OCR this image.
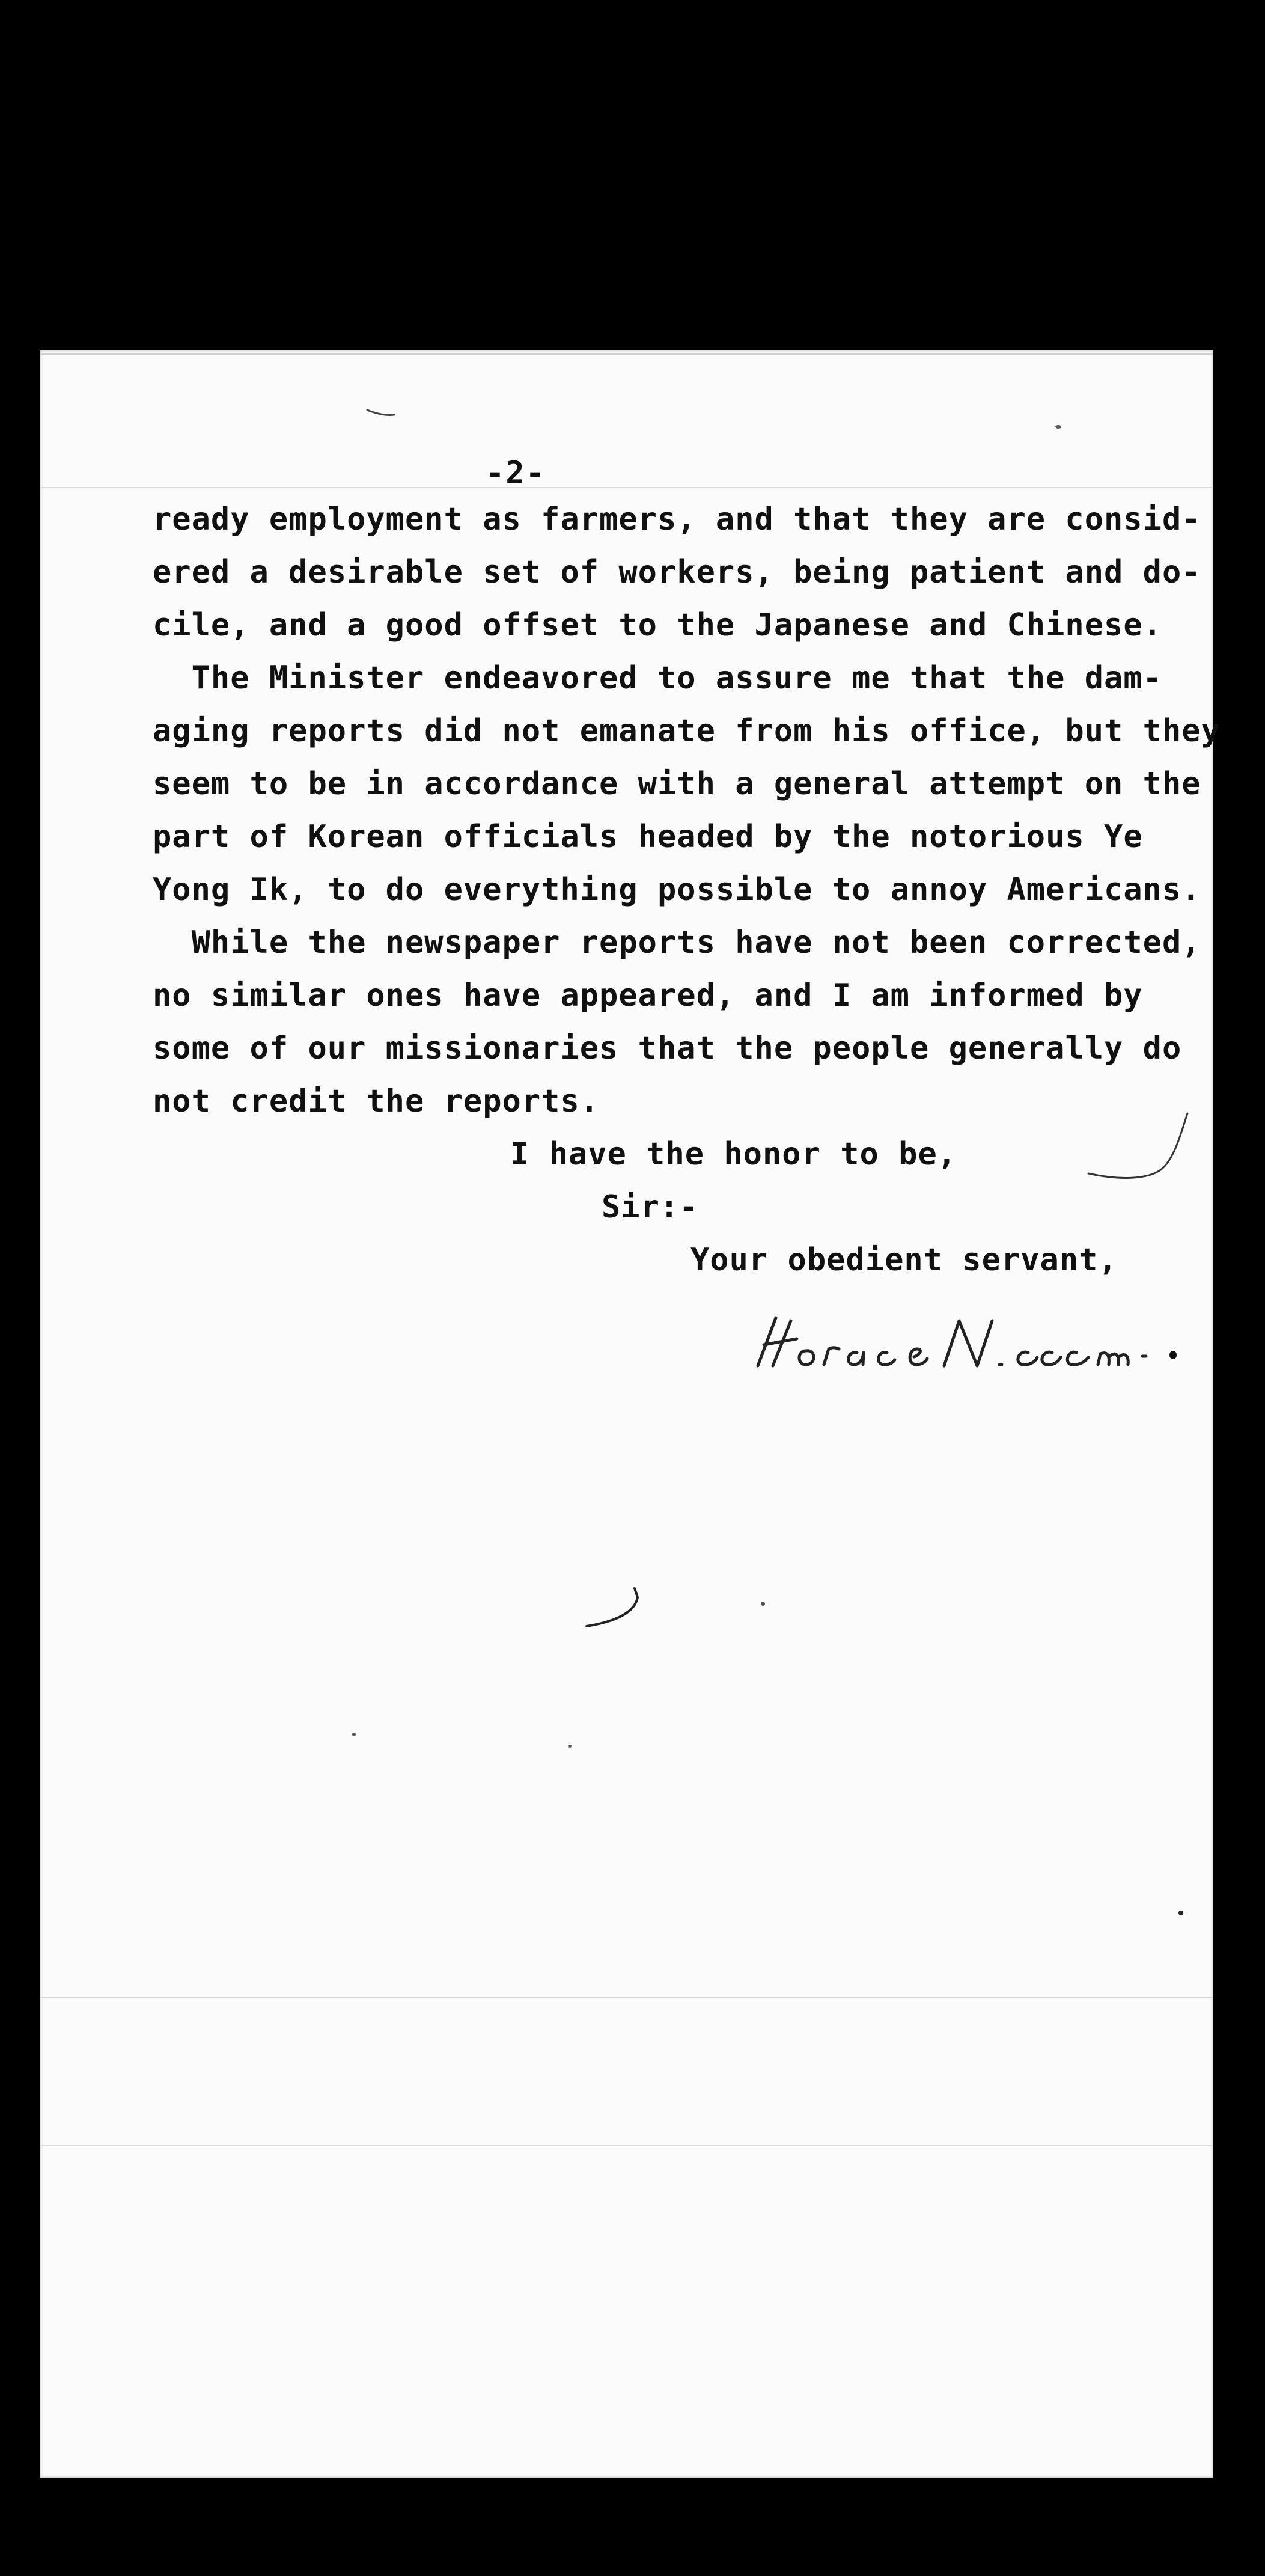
-2-
ready employment as farmers, and that they are consid-
ered a desirable set of workers, being patient and do-
cile, and a good offset to the Japanese and Chinese.
The Minister endeavored to assure me that the dam-
aging reports did not emanate from his office, but they
seem to be in accordance with a general attempt on the
part of Korean officials headed by the notorious Ye
Yong Ik, to do everything possible to annoy Americans.
While the newspaper reports have not been corrected,
no similar ones have appeared, and I am informed by
some of our missionaries that the people generally do
not credit the reports.
I have the honor to be,
Sir:-
Your obedient servant,
